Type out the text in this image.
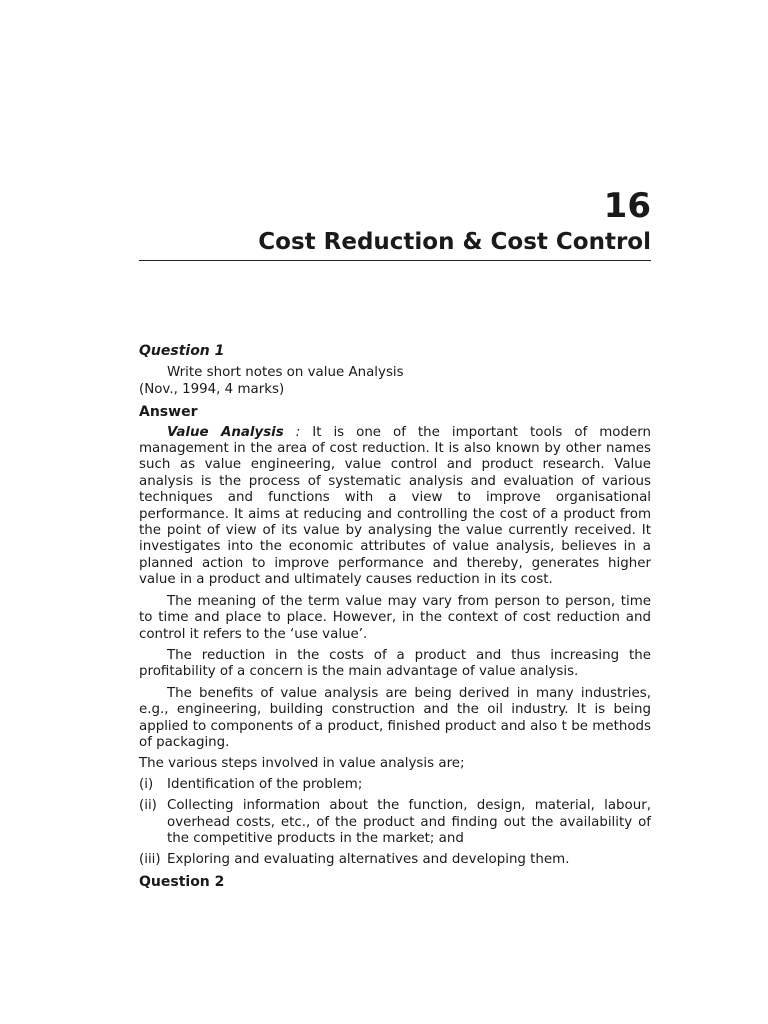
16
Cost Reduction & Cost Control

Question 1

Write short notes on value Analysis

(Nov., 1994, 4 marks)

Answer

Value Analysis : It is one of the important tools of modern management in the area of cost reduction. It is also known by other names such as value engineering, value control and product research. Value analysis is the process of systematic analysis and evaluation of various techniques and functions with a view to improve organisational performance. It aims at reducing and controlling the cost of a product from the point of view of its value by analysing the value currently received. It investigates into the economic attributes of value analysis, believes in a planned action to improve performance and thereby, generates higher value in a product and ultimately causes reduction in its cost.

The meaning of the term value may vary from person to person, time to time and place to place. However, in the context of cost reduction and control it refers to the ‘use value’.

The reduction in the costs of a product and thus increasing the profitability of a concern is the main advantage of value analysis.

The benefits of value analysis are being derived in many industries, e.g., engineering, building construction and the oil industry. It is being applied to components of a product, finished product and also t be methods of packaging.

The various steps involved in value analysis are;

(i)	Identification of the problem;
(ii) Collecting information about the function, design, material, labour, overhead costs, etc., of the product and finding out the availability of the competitive products in the market; and
(iii) Exploring and evaluating alternatives and developing them.

Question 2
